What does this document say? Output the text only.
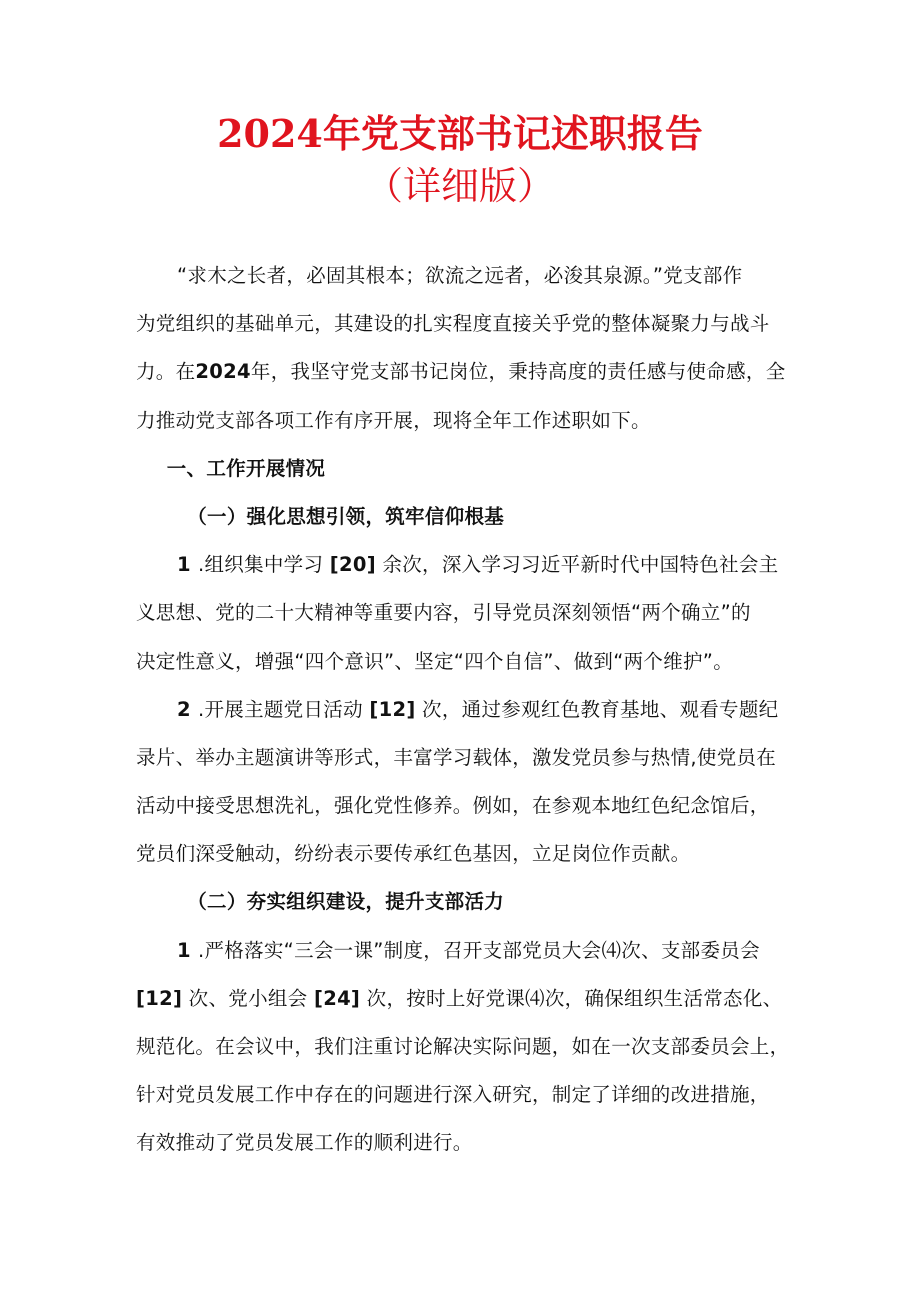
2024年党支部书记述职报告
（详细版）
“求木之长者，必固其根本；欲流之远者，必浚其泉源。”党支部作
为党组织的基础单元，其建设的扎实程度直接关乎党的整体凝聚力与战斗
力。在2024年，我坚守党支部书记岗位，秉持高度的责任感与使命感，全
力推动党支部各项工作有序开展，现将全年工作述职如下。
一、工作开展情况
（一）强化思想引领，筑牢信仰根基
1 .组织集中学习 [20] 余次，深入学习习近平新时代中国特色社会主
义思想、党的二十大精神等重要内容，引导党员深刻领悟“两个确立”的
决定性意义，增强“四个意识”、坚定“四个自信”、做到“两个维护”。
2 .开展主题党日活动 [12] 次，通过参观红色教育基地、观看专题纪
录片、举办主题演讲等形式，丰富学习载体，激发党员参与热情,使党员在
活动中接受思想洗礼，强化党性修养。例如，在参观本地红色纪念馆后，
党员们深受触动，纷纷表示要传承红色基因，立足岗位作贡献。
（二）夯实组织建设，提升支部活力
1 .严格落实“三会一课”制度，召开支部党员大会⑷次、支部委员会
[12] 次、党小组会 [24] 次，按时上好党课⑷次，确保组织生活常态化、
规范化。在会议中，我们注重讨论解决实际问题，如在一次支部委员会上，
针对党员发展工作中存在的问题进行深入研究，制定了详细的改进措施，
有效推动了党员发展工作的顺利进行。
